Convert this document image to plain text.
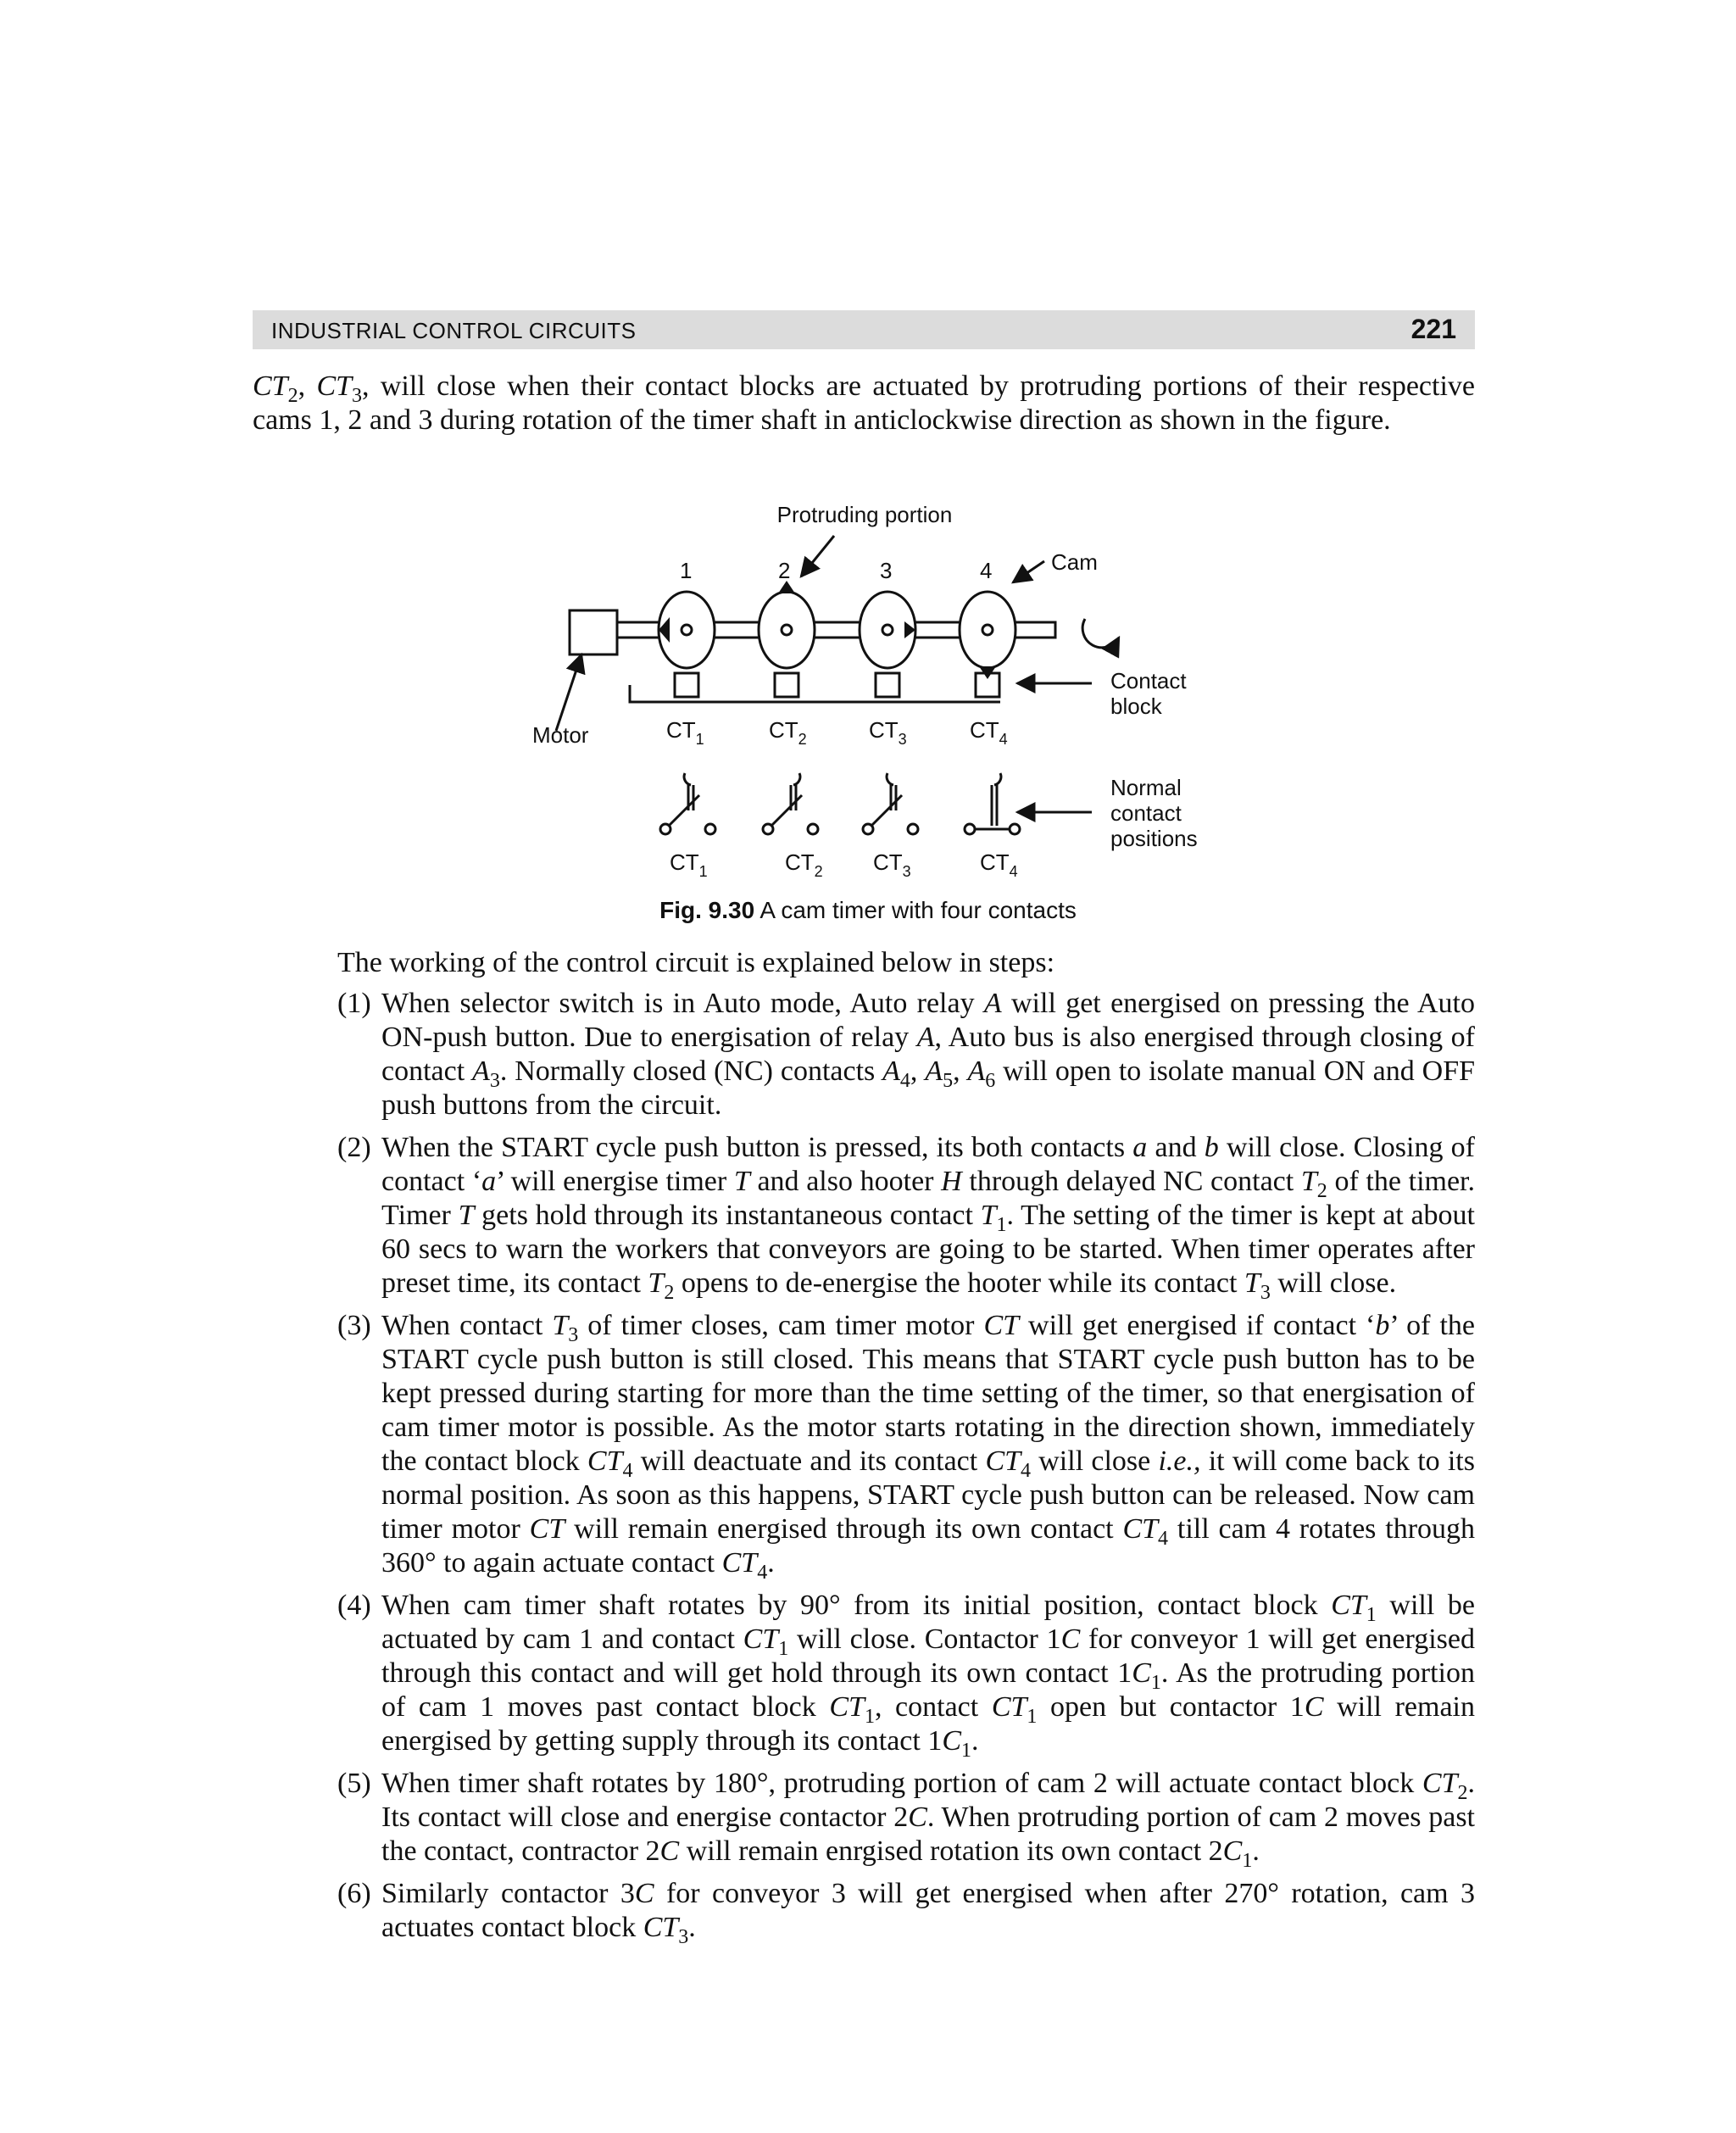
INDUSTRIAL CONTROL CIRCUITS	221
$CT_2$, $CT_3$, will close when their contact blocks are actuated by protruding portions of their respective cams 1, 2 and 3 during rotation of the timer shaft in anticlockwise direction as shown in the figure.
Protruding portion
Cam
1	2	3	4
Contact
block
Motor
Normal
contact
positions
$CT_1$	$CT_2$	$CT_3$	$CT_4$
$CT_1$	$CT_2$ $CT_3$	$CT_4$
Fig. 9.30 A cam timer with four contacts

The working of the control circuit is explained below in steps:

(1) When selector switch is in Auto mode, Auto relay A will get energised on pressing the Auto ON-push button. Due to energisation of relay A, Auto bus is also energised through closing of contact $A_3$. Normally closed (NC) contacts $A_4$, $A_5$, $A_6$ will open to isolate manual ON and OFF push buttons from the circuit.

(2) When the START cycle push button is pressed, its both contacts a and b will close. Closing of contact ‘a’ will energise timer T and also hooter H through delayed NC contact $T_2$ of the timer. Timer T gets hold through its instantaneous contact $T_1$. The setting of the timer is kept at about 60 secs to warn the workers that conveyors are going to be started. When timer operates after preset time, its contact $T_2$ opens to de-energise the hooter while its contact $T_3$ will close.

(3) When contact $T_3$ of timer closes, cam timer motor CT will get energised if contact ‘b’ of the START cycle push button is still closed. This means that START cycle push button has to be kept pressed during starting for more than the time setting of the timer, so that energisation of cam timer motor is possible. As the motor starts rotating in the direction shown, immediately the contact block $CT_4$ will deactuate and its contact $CT_4$ will close i.e., it will come back to its normal position. As soon as this happens, START cycle push button can be released. Now cam timer motor CT will remain energised through its own contact $CT_4$ till cam 4 rotates through 360° to again actuate contact $CT_4$.

(4) When cam timer shaft rotates by 90° from its initial position, contact block $CT_1$ will be actuated by cam 1 and contact $CT_1$ will close. Contactor 1C for conveyor 1 will get energised through this contact and will get hold through its own contact $1C_1$. As the protruding portion of cam 1 moves past contact block $CT_1$, contact $CT_1$ open but contactor 1C will remain energised by getting supply through its contact $1C_1$.

(5) When timer shaft rotates by 180°, protruding portion of cam 2 will actuate contact block $CT_2$. Its contact will close and energise contactor 2C. When protruding portion of cam 2 moves past the contact, contractor 2C will remain enrgised rotation its own contact $2C_1$.

(6) Similarly contactor 3C for conveyor 3 will get energised when after 270° rotation, cam 3 actuates contact block $CT_3$.
